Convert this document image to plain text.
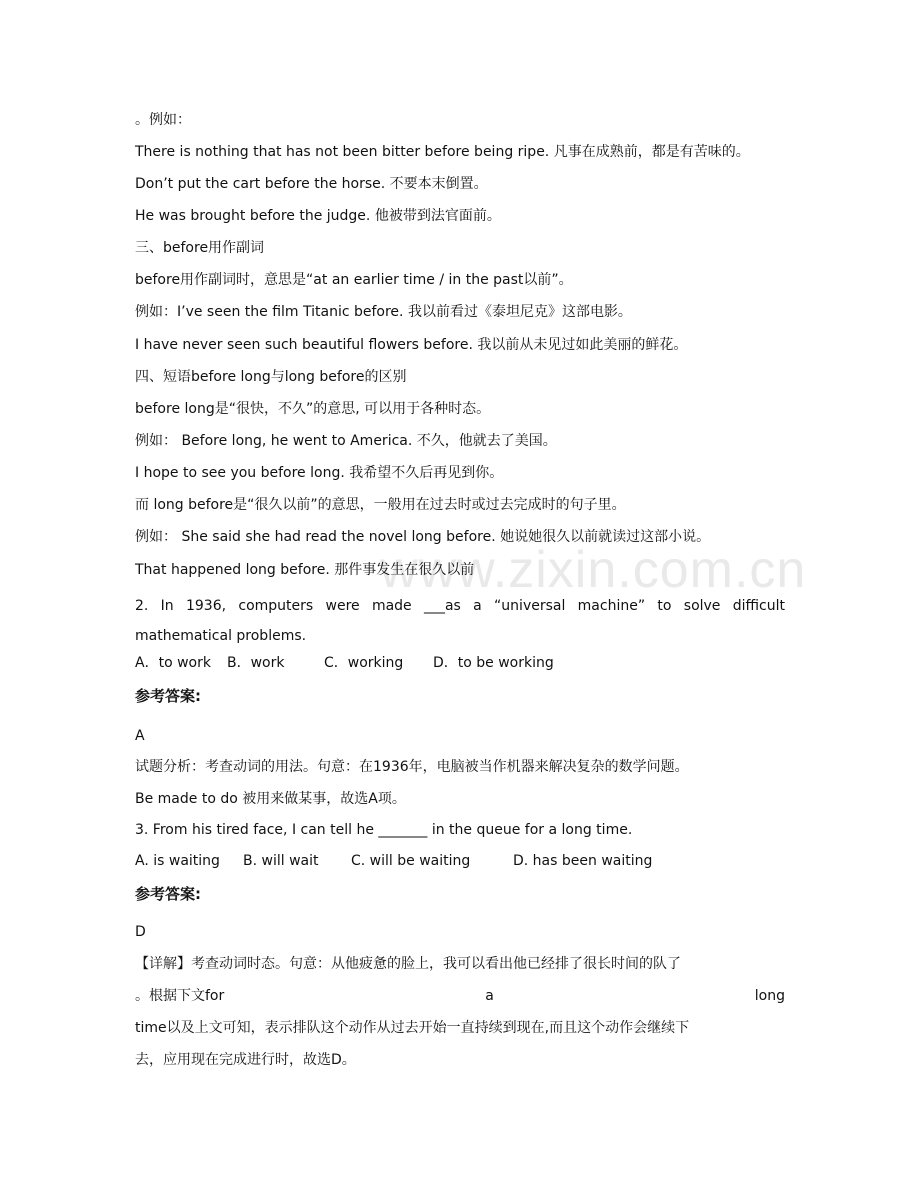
www.zixin.com.cn
。例如：
There is nothing that has not been bitter before being ripe. 凡事在成熟前，都是有苦味的。
Don’t put the cart before the horse. 不要本末倒置。
He was brought before the judge. 他被带到法官面前。
三、before用作副词
before用作副词时，意思是“at an earlier time / in the past以前”。
例如：I’ve seen the film Titanic before. 我以前看过《泰坦尼克》这部电影。
I have never seen such beautiful flowers before. 我以前从未见过如此美丽的鲜花。
四、短语before long与long before的区别
before long是“很快，不久”的意思, 可以用于各种时态。
例如： Before long, he went to America. 不久，他就去了美国。
I hope to see you before long. 我希望不久后再见到你。
而 long before是“很久以前”的意思，一般用在过去时或过去完成时的句子里。
例如： She said she had read the novel long before. 她说她很久以前就读过这部小说。
That happened long before. 那件事发生在很久以前
2. In 1936, computers were made ___as a “universal machine” to solve difficult mathematical problems.
A．to work B．work	C．working D．to be working
参考答案:
A
试题分析：考查动词的用法。句意：在1936年，电脑被当作机器来解决复杂的数学问题。
Be made to do 被用来做某事，故选A项。
3. From his tired face, I can tell he _______ in the queue for a long time.
A. is waiting B. will wait C. will be waiting	D. has been waiting
参考答案:
D
【详解】考查动词时态。句意：从他疲惫的脸上，我可以看出他已经排了很长时间的队了
。根据下文for	a	long
time以及上文可知，表示排队这个动作从过去开始一直持续到现在,而且这个动作会继续下
去，应用现在完成进行时，故选D。
